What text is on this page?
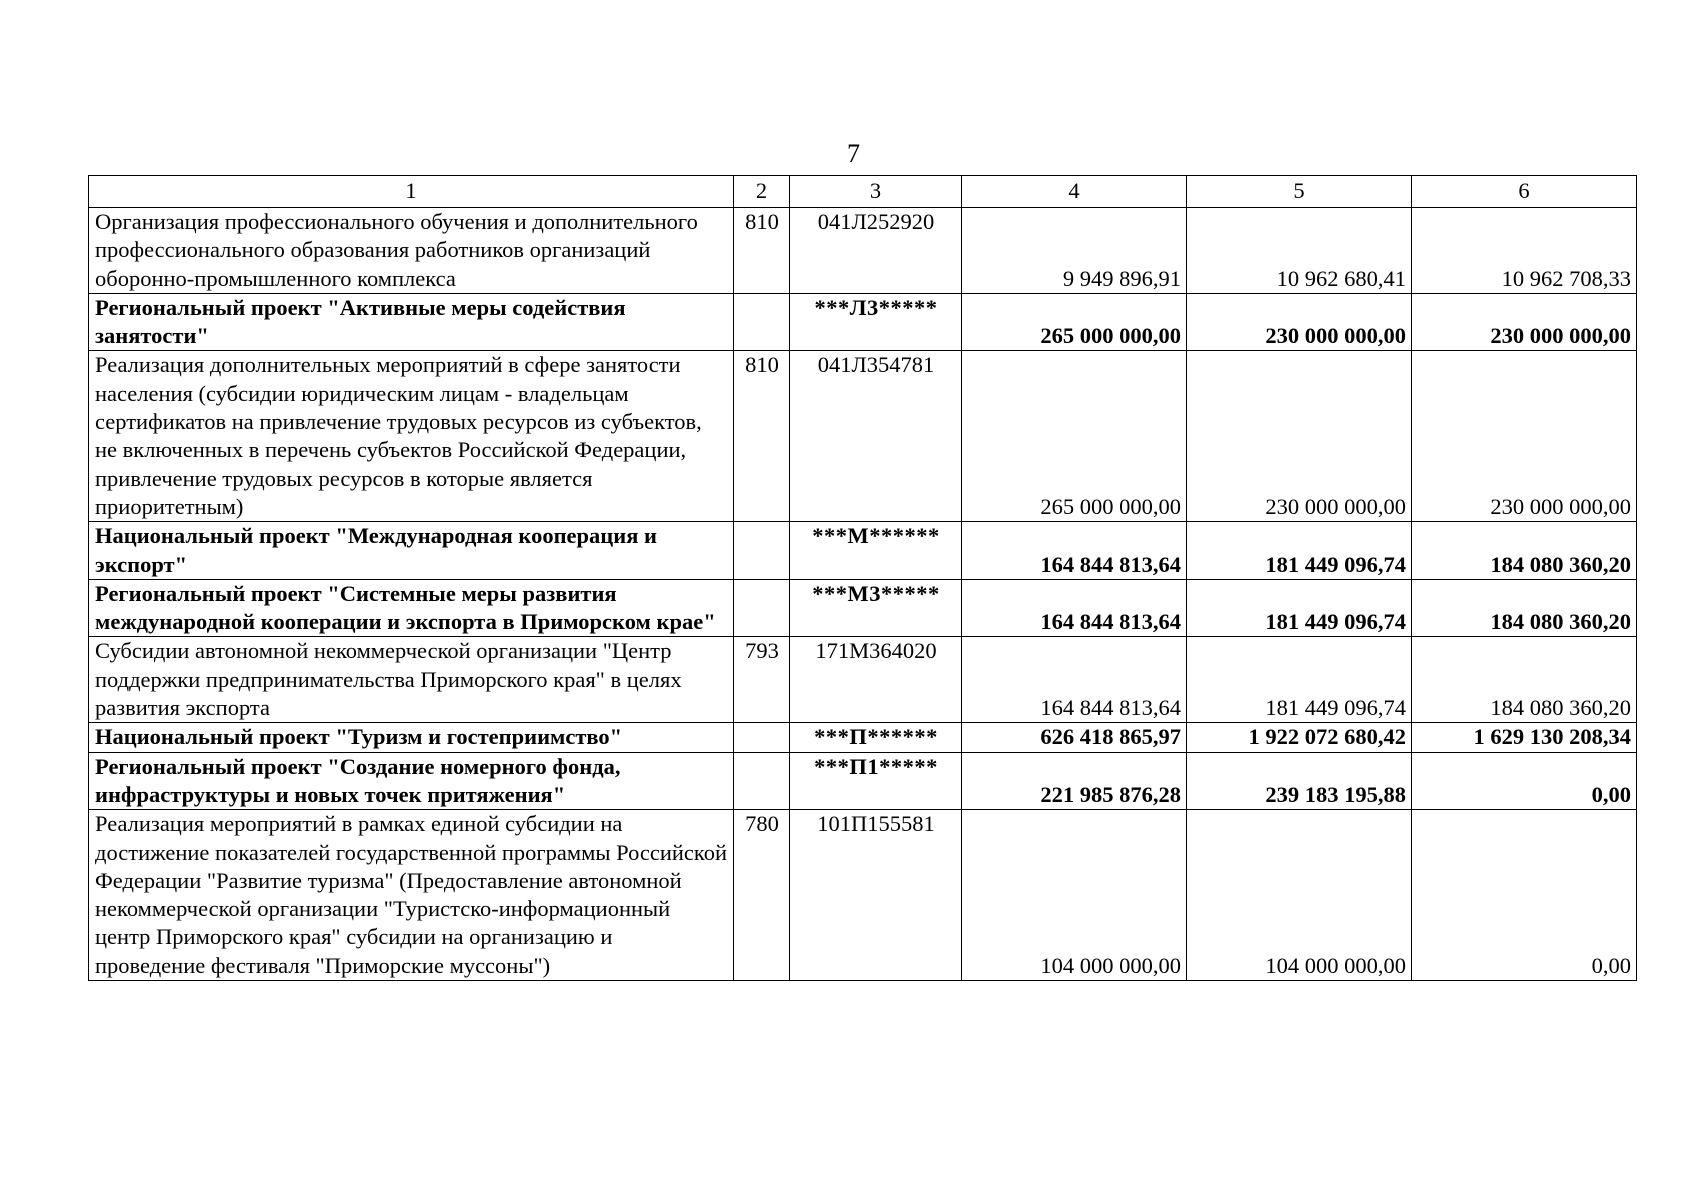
7
1	2	3	4	5	6
Организация профессионального обучения и дополнительного профессионального образования работников организаций оборонно-промышленного комплекса	810	041Л252920	9 949 896,91	10 962 680,41	10 962 708,33
Региональный проект "Активные меры содействия занятости"		***Л3*****	265 000 000,00	230 000 000,00	230 000 000,00
Реализация дополнительных мероприятий в сфере занятости населения (субсидии юридическим лицам - владельцам сертификатов на привлечение трудовых ресурсов из субъектов, не включенных в перечень субъектов Российской Федерации, привлечение трудовых ресурсов в которые является приоритетным)	810	041Л354781	265 000 000,00	230 000 000,00	230 000 000,00
Национальный проект "Международная кооперация и экспорт"		***М******	164 844 813,64	181 449 096,74	184 080 360,20
Региональный проект "Системные меры развития международной кооперации и экспорта в Приморском крае"		***М3*****	164 844 813,64	181 449 096,74	184 080 360,20
Субсидии автономной некоммерческой организации "Центр поддержки предпринимательства Приморского края" в целях развития экспорта	793	171М364020	164 844 813,64	181 449 096,74	184 080 360,20
Национальный проект "Туризм и гостеприимство"		***П******	626 418 865,97	1 922 072 680,42	1 629 130 208,34
Региональный проект "Создание номерного фонда, инфраструктуры и новых точек притяжения"		***П1*****	221 985 876,28	239 183 195,88	0,00
Реализация мероприятий в рамках единой субсидии на достижение показателей государственной программы Российской Федерации "Развитие туризма" (Предоставление автономной некоммерческой организации "Туристско-информационный центр Приморского края" субсидии на организацию и проведение фестиваля "Приморские муссоны")	780	101П155581	104 000 000,00	104 000 000,00	0,00
